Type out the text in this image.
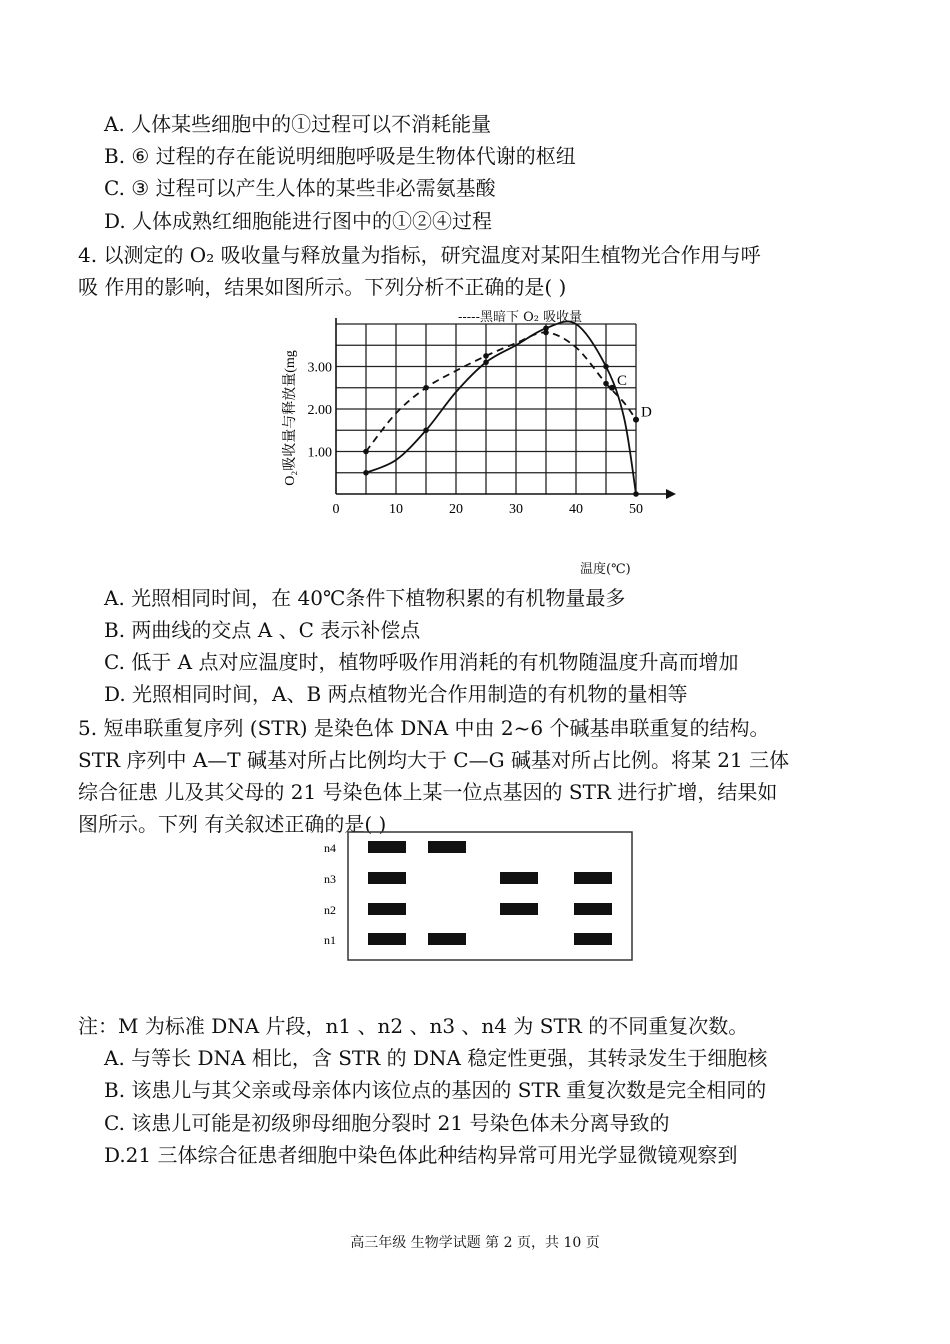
A. 人体某些细胞中的①过程可以不消耗能量
B. ⑥ 过程的存在能说明细胞呼吸是生物体代谢的枢纽
C. ③ 过程可以产生人体的某些非必需氨基酸
D. 人体成熟红细胞能进行图中的①②④过程
4. 以测定的 O₂ 吸收量与释放量为指标，研究温度对某阳生植物光合作用与呼
吸 作用的影响，结果如图所示。下列分析不正确的是( )
-----黑暗下 O₂ 吸收量
0	10	20	30	40	50
1.00
2.00
3.00
C
D
O₂吸收量与释放量(mg
温度(℃)
A. 光照相同时间，在 40℃条件下植物积累的有机物量最多
B. 两曲线的交点 A 、C 表示补偿点
C. 低于 A 点对应温度时，植物呼吸作用消耗的有机物随温度升高而增加
D. 光照相同时间，A、B 两点植物光合作用制造的有机物的量相等
5. 短串联重复序列 (STR) 是染色体 DNA 中由 2~6 个碱基串联重复的结构。
STR 序列中 A—T 碱基对所占比例均大于 C—G 碱基对所占比例。将某 21 三体
综合征患 儿及其父母的 21 号染色体上某一位点基因的 STR 进行扩增，结果如
图所示。下列 有关叙述正确的是( )
n4
n3
n2
n1
注：M 为标准 DNA 片段，n1 、n2 、n3 、n4 为 STR 的不同重复次数。
A. 与等长 DNA 相比，含 STR 的 DNA 稳定性更强，其转录发生于细胞核
B. 该患儿与其父亲或母亲体内该位点的基因的 STR 重复次数是完全相同的
C. 该患儿可能是初级卵母细胞分裂时 21 号染色体未分离导致的
D.21 三体综合征患者细胞中染色体此种结构异常可用光学显微镜观察到
高三年级 生物学试题 第 2 页，共 10 页
